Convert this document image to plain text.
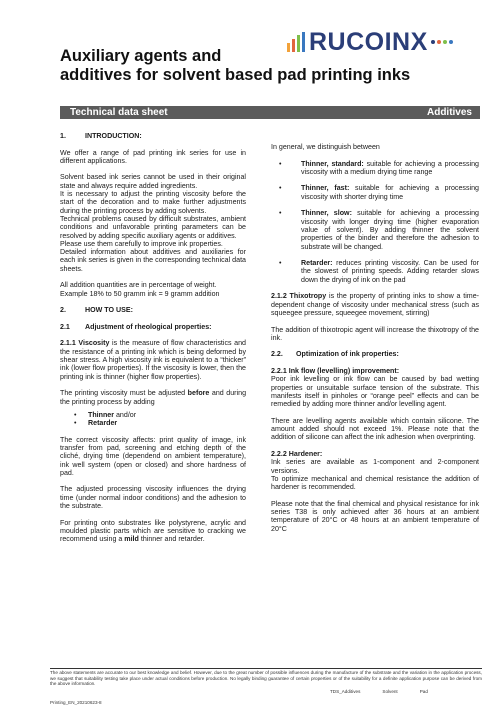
RUCOINX
Auxiliary agents and
additives for solvent based pad printing inks
Technical data sheet	Additives
1.	INTRODUCTION:

We offer a range of pad printing ink series for use in different applications.

Solvent based ink series cannot be used in their original state and always require added ingredients.

It is necessary to adjust the printing viscosity before the start of the decoration and to make further adjustments during the printing process by adding solvents.

Technical problems caused by difficult substrates, ambient conditions and unfavorable printing parameters can be resolved by adding specific auxiliary agents or additives.

Please use them carefully to improve ink properties.

Detailed information about additives and auxiliaries for each ink series is given in the corresponding technical data sheets.

All addition quantities are in percentage of weight.

Example 18% to 50 gramm ink = 9 gramm addition

2.	HOW TO USE:
2.1	Adjustment of rheological properties:

2.1.1 Viscosity is the measure of flow characteristics and the resistance of a printing ink which is being deformed by shear stress. A high viscosity ink is equivalent to a “thicker” ink (lower flow properties). If the viscosity is lower, then the printing ink is thinner (higher flow properties).

The printing viscosity must be adjusted before and during the printing process by adding

•	Thinner and/or
•	Retarder

The correct viscosity affects: print quality of image, ink transfer from pad, screening and etching depth of the cliché, drying time (dependend on ambient temperature), ink well system (open or closed) and shore hardness of pad.

The adjusted processing viscosity influences the drying time (under normal indoor conditions) and the adhesion to the substrate.

For printing onto substrates like polystyrene, acrylic and moulded plastic parts which are sensitive to cracking we recommend using a mild thinner and retarder.

In general, we distinguish between

•	Thinner, standard: suitable for achieving a processing viscosity with a medium drying time range
•	Thinner, fast: suitable for achieving a processing viscosity with shorter drying time
•	Thinner, slow: suitable for achieving a processing viscosity with longer drying time (higher evaporation value of solvent). By adding thinner the solvent properties of the binder and therefore the adhesion to substrate will be changed.
•	Retarder: reduces printing viscosity. Can be used for the slowest of printing speeds. Adding retarder slows down the drying of ink on the pad

2.1.2 Thixotropy is the property of printing inks to show a time-dependent change of viscosity under mechanical stress (such as squeegee pressure, squeegee movement, stirring)

The addition of thixotropic agent will increase the thixotropy of the ink.

2.2.	Optimization of ink properties:

2.2.1 Ink flow (levelling) improvement:

Poor ink levelling or ink flow can be caused by bad wetting properties or unsuitable surface tension of the substrate. This manifests itself in pinholes or “orange peel” effects and can be remedied by adding more thinner and/or levelling agent.

There are levelling agents available which contain silicone. The amount added should not exceed 1%. Please note that the addition of silicone can affect the ink adhesion when overprinting.

2.2.2 Hardener:

Ink series are available as 1-component and 2-component versions.

To optimize mechanical and chemical resistance the addition of hardener is recommended.

Please note that the final chemical and physical resistance for ink series T38 is only achieved after 36 hours at an ambient temperature of 20°C or 48 hours at an ambient temperature of 20°C

The above statements are accurate to our best knowledge and belief. However, due to the great number of possible influences during the manufacture of the substrate and the variation in the application process, we suggest that suitability testing take place under actual conditions before production. No legally binding guarantee of certain properties or of the suitability for a definite application purpose can be derived from the above information.
TDS_Additives	Solvent	Pad
Printing_EN_20210623-8
